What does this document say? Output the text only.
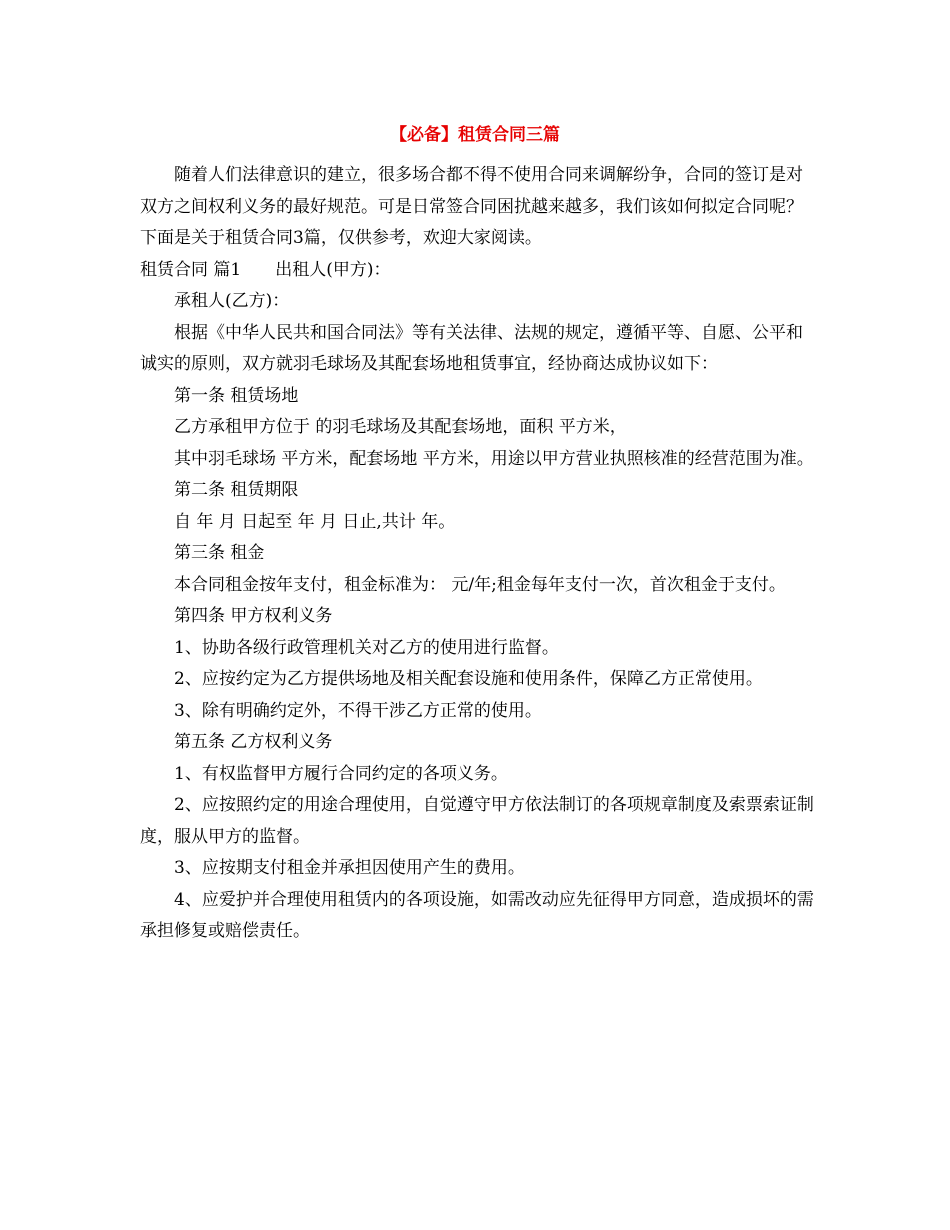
【必备】租赁合同三篇

随着人们法律意识的建立，很多场合都不得不使用合同来调解纷争，合同的签订是对双方之间权利义务的最好规范。可是日常签合同困扰越来越多，我们该如何拟定合同呢？下面是关于租赁合同3篇，仅供参考，欢迎大家阅读。

租赁合同 篇1 出租人(甲方)：

承租人(乙方)：

根据《中华人民共和国合同法》等有关法律、法规的规定，遵循平等、自愿、公平和诚实的原则，双方就羽毛球场及其配套场地租赁事宜，经协商达成协议如下：

第一条 租赁场地

乙方承租甲方位于 的羽毛球场及其配套场地，面积 平方米，

其中羽毛球场 平方米，配套场地 平方米，用途以甲方营业执照核准的经营范围为准。

第二条 租赁期限

自 年 月 日起至 年 月 日止,共计 年。

第三条 租金

本合同租金按年支付，租金标准为： 元/年;租金每年支付一次，首次租金于支付。

第四条 甲方权利义务

1、协助各级行政管理机关对乙方的使用进行监督。

2、应按约定为乙方提供场地及相关配套设施和使用条件，保障乙方正常使用。

3、除有明确约定外，不得干涉乙方正常的使用。

第五条 乙方权利义务

1、有权监督甲方履行合同约定的各项义务。

2、应按照约定的用途合理使用，自觉遵守甲方依法制订的各项规章制度及索票索证制度，服从甲方的监督。

3、应按期支付租金并承担因使用产生的费用。

4、应爱护并合理使用租赁内的各项设施，如需改动应先征得甲方同意，造成损坏的需承担修复或赔偿责任。
